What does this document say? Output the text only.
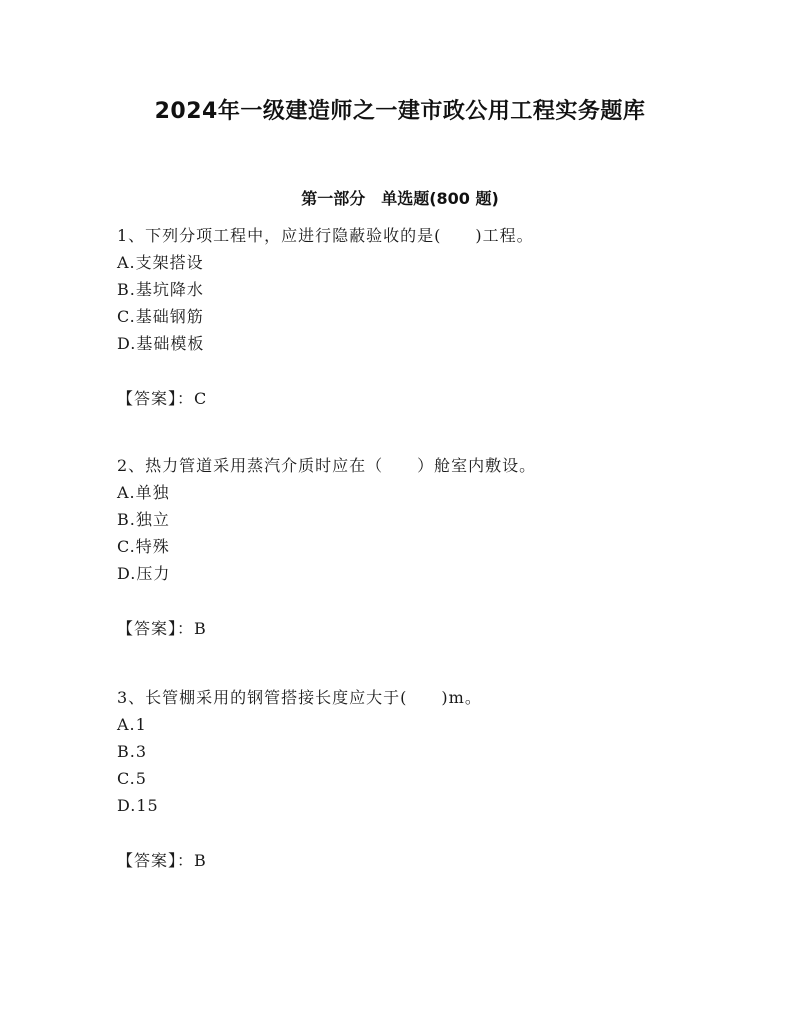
2024年一级建造师之一建市政公用工程实务题库
第一部分　单选题(800 题)
1、下列分项工程中，应进行隐蔽验收的是(　　)工程。
A.支架搭设
B.基坑降水
C.基础钢筋
D.基础模板
【答案】：C
2、热力管道采用蒸汽介质时应在（　　）舱室内敷设。
A.单独
B.独立
C.特殊
D.压力
【答案】：B
3、长管棚采用的钢管搭接长度应大于(　　)m。
A.1
B.3
C.5
D.15
【答案】：B
